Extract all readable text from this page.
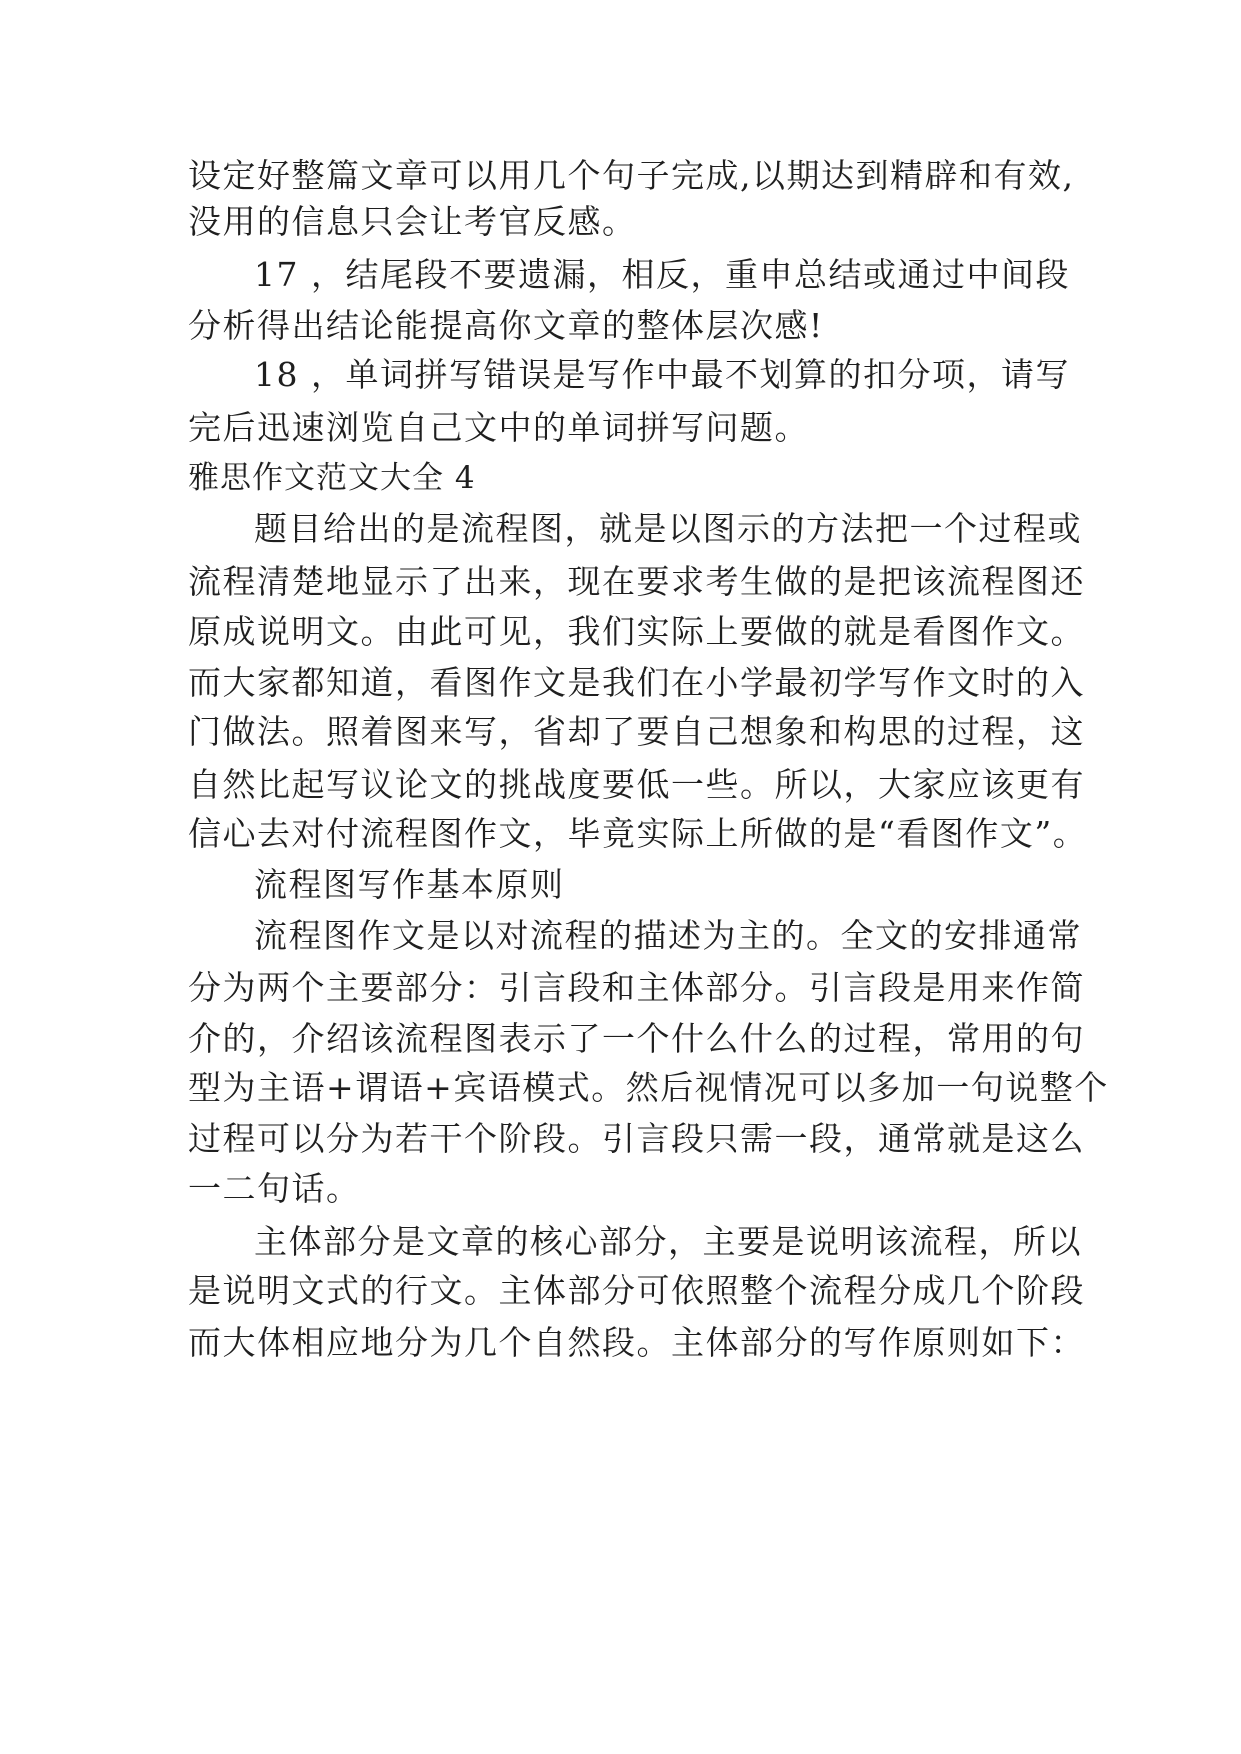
设定好整篇文章可以用几个句子完成,以期达到精辟和有效,

没用的信息只会让考官反感。

17 ，结尾段不要遗漏，相反，重申总结或通过中间段

分析得出结论能提高你文章的整体层次感!

18 ，单词拼写错误是写作中最不划算的扣分项，请写

完后迅速浏览自己文中的单词拼写问题。

雅思作文范文大全 4

题目给出的是流程图，就是以图示的方法把一个过程或

流程清楚地显示了出来，现在要求考生做的是把该流程图还

原成说明文。由此可见，我们实际上要做的就是看图作文。

而大家都知道，看图作文是我们在小学最初学写作文时的入

门做法。照着图来写，省却了要自己想象和构思的过程，这

自然比起写议论文的挑战度要低一些。所以，大家应该更有

信心去对付流程图作文，毕竟实际上所做的是“看图作文”。

流程图写作基本原则

流程图作文是以对流程的描述为主的。全文的安排通常

分为两个主要部分：引言段和主体部分。引言段是用来作简

介的，介绍该流程图表示了一个什么什么的过程，常用的句

型为主语+谓语+宾语模式。然后视情况可以多加一句说整个

过程可以分为若干个阶段。引言段只需一段，通常就是这么

一二句话。

主体部分是文章的核心部分，主要是说明该流程，所以

是说明文式的行文。主体部分可依照整个流程分成几个阶段

而大体相应地分为几个自然段。主体部分的写作原则如下：
